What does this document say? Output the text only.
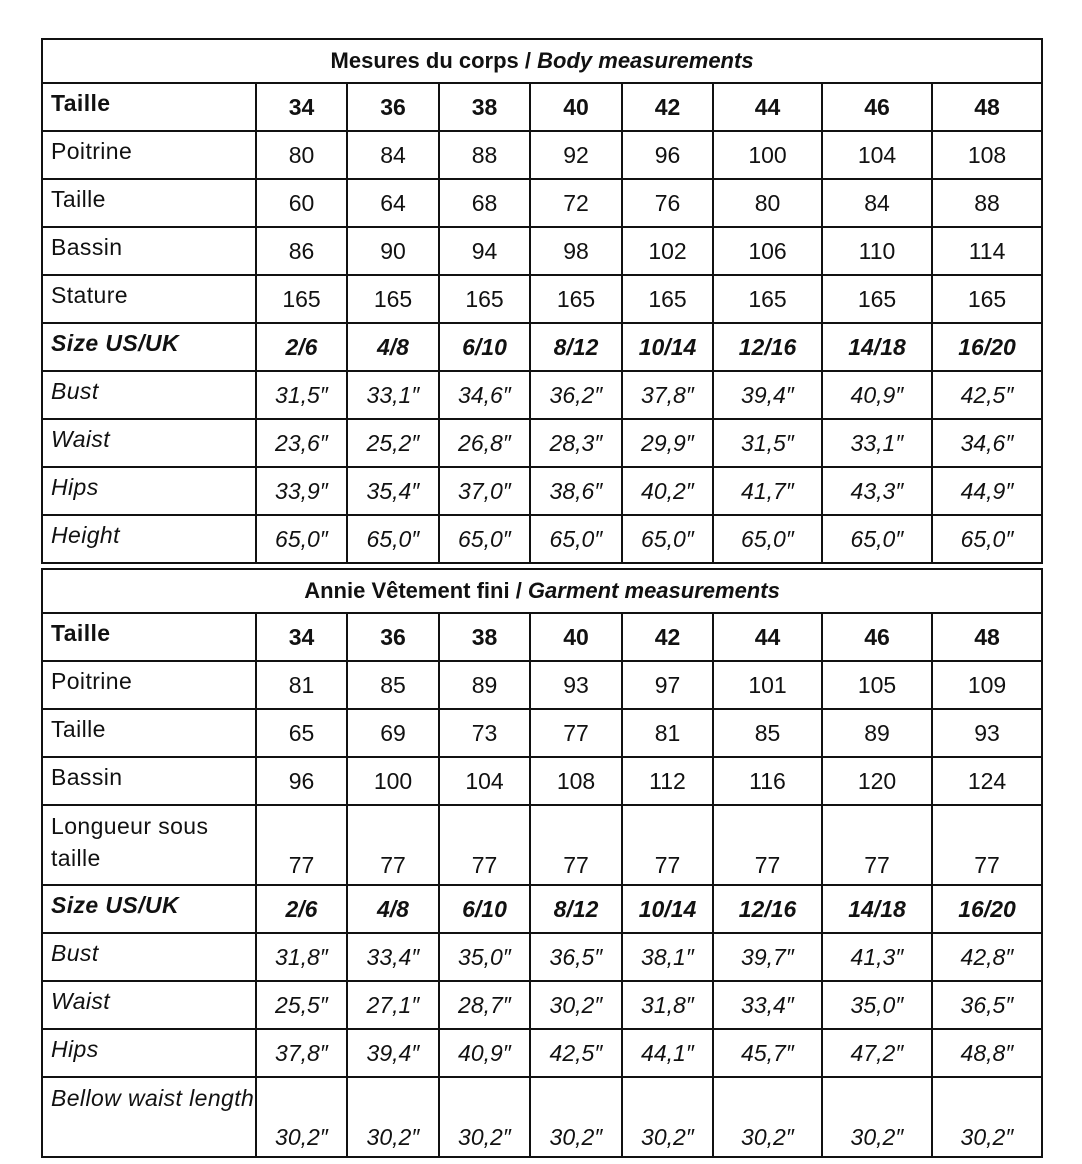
Mesures du corps / Body measurements								
Taille	34	36	38	40	42	44	46	48
Poitrine	80	84	88	92	96	100	104	108
Taille	60	64	68	72	76	80	84	88
Bassin	86	90	94	98	102	106	110	114
Stature	165	165	165	165	165	165	165	165
Size US/UK	2/6	4/8	6/10	8/12	10/14	12/16	14/18	16/20
Bust	31,5″	33,1″	34,6″	36,2″	37,8″	39,4″	40,9″	42,5″
Waist	23,6″	25,2″	26,8″	28,3″	29,9″	31,5″	33,1″	34,6″
Hips	33,9″	35,4″	37,0″	38,6″	40,2″	41,7″	43,3″	44,9″
Height	65,0″	65,0″	65,0″	65,0″	65,0″	65,0″	65,0″	65,0″
Annie Vêtement fini / Garment measurements								
Taille	34	36	38	40	42	44	46	48
Poitrine	81	85	89	93	97	101	105	109
Taille	65	69	73	77	81	85	89	93
Bassin	96	100	104	108	112	116	120	124
Longueur sous taille	77	77	77	77	77	77	77	77
Size US/UK	2/6	4/8	6/10	8/12	10/14	12/16	14/18	16/20
Bust	31,8″	33,4″	35,0″	36,5″	38,1″	39,7″	41,3″	42,8″
Waist	25,5″	27,1″	28,7″	30,2″	31,8″	33,4″	35,0″	36,5″
Hips	37,8″	39,4″	40,9″	42,5″	44,1″	45,7″	47,2″	48,8″
Bellow waist length	30,2″	30,2″	30,2″	30,2″	30,2″	30,2″	30,2″	30,2″
